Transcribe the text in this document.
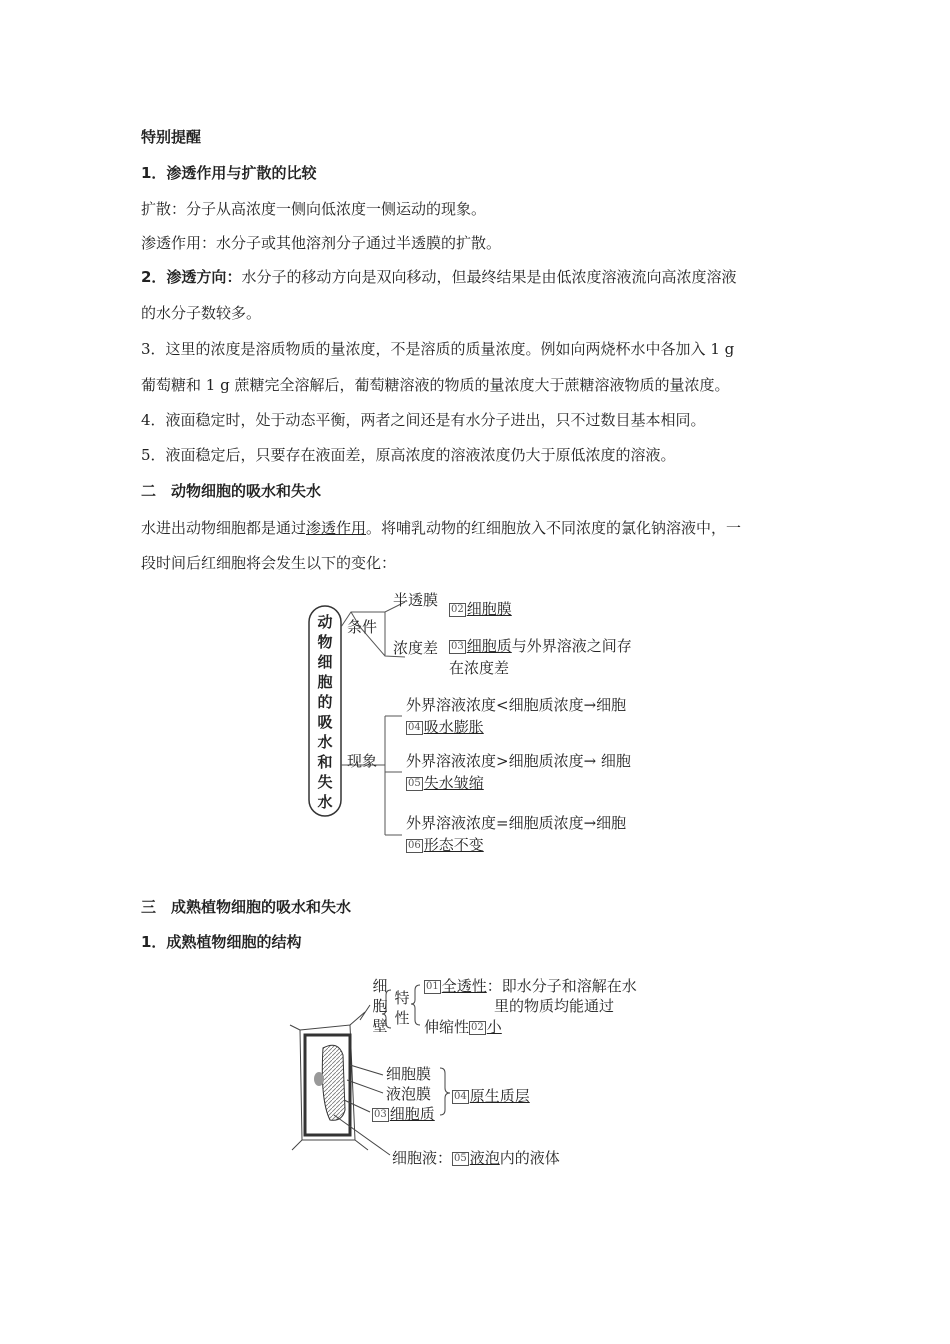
特别提醒
1．渗透作用与扩散的比较
扩散：分子从高浓度一侧向低浓度一侧运动的现象。
渗透作用：水分子或其他溶剂分子通过半透膜的扩散。
2．渗透方向：水分子的移动方向是双向移动，但最终结果是由低浓度溶液流向高浓度溶液
的水分子数较多。
3．这里的浓度是溶质物质的量浓度，不是溶质的质量浓度。例如向两烧杯水中各加入 1 g
葡萄糖和 1 g 蔗糖完全溶解后，葡萄糖溶液的物质的量浓度大于蔗糖溶液物质的量浓度。
4．液面稳定时，处于动态平衡，两者之间还是有水分子进出，只不过数目基本相同。
5．液面稳定后，只要存在液面差，原高浓度的溶液浓度仍大于原低浓度的溶液。
二　动物细胞的吸水和失水
水进出动物细胞都是通过渗透作用。将哺乳动物的红细胞放入不同浓度的氯化钠溶液中，一
段时间后红细胞将会发生以下的变化：
动物细胞的吸水和失水
条件
半透膜
02 细胞膜
浓度差 03 细胞质与外界溶液之间存
在浓度差
现象
外界溶液浓度<细胞质浓度→细胞
04 吸水膨胀
外界溶液浓度>细胞质浓度→ 细胞
05 失水皱缩
外界溶液浓度=细胞质浓度→细胞
06 形态不变
三　成熟植物细胞的吸水和失水
1．成熟植物细胞的结构
细胞壁
特性
01 全透性：即水分子和溶解在水
里的物质均能通过
伸缩性 02 小
细胞膜
液泡膜
03 细胞质
04 原生质层
细胞液： 05 液泡内的液体
